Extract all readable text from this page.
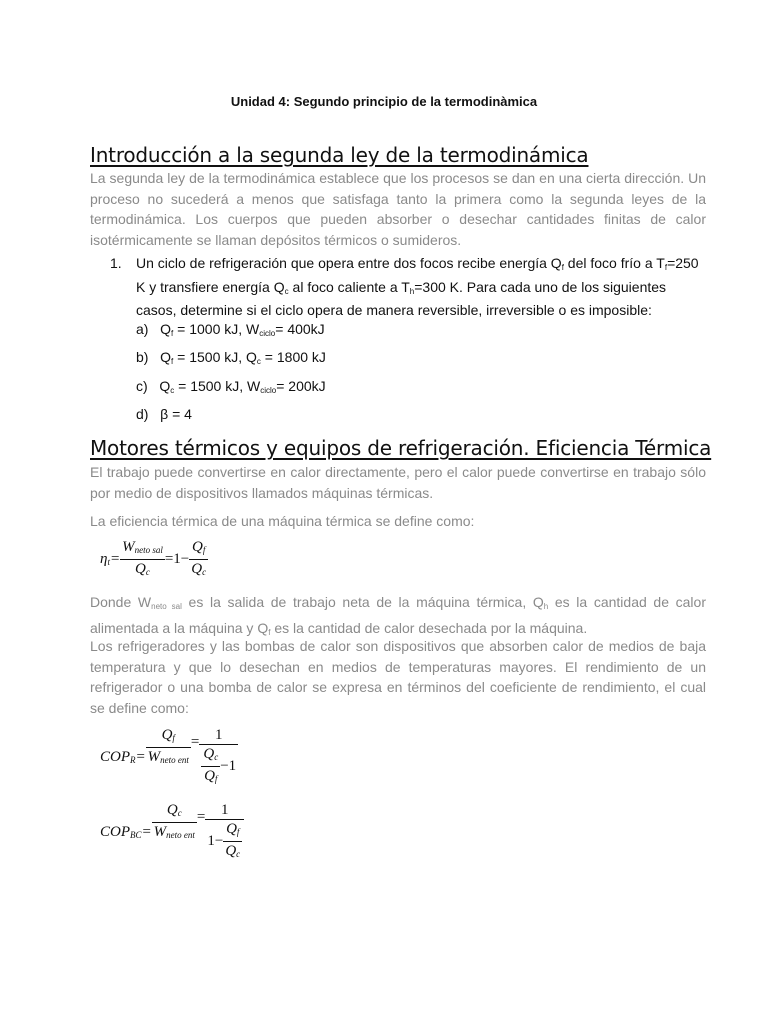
Unidad 4: Segundo principio de la termodinàmica
Introducción a la segunda ley de la termodinámica

La segunda ley de la termodinámica establece que los procesos se dan en una cierta dirección. Un proceso no sucederá a menos que satisfaga tanto la primera como la segunda leyes de la termodinámica. Los cuerpos que pueden absorber o desechar cantidades finitas de calor isotérmicamente se llaman depósitos térmicos o sumideros.

1. Un ciclo de refrigeración que opera entre dos focos recibe energía $Q_f$ del foco frío a $T_f=250$ K y transfiere energía $Q_c$ al foco caliente a $T_h=300$ K. Para cada uno de los siguientes casos, determine si el ciclo opera de manera reversible, irreversible o es imposible:
a) $Q_f = 1000$ kJ, $W_{ciclo}= 400kJ$
b) $Q_f = 1500$ kJ, $Q_c = 1800$ kJ
c) $Q_c = 1500$ kJ, $W_{ciclo}= 200kJ$
d) β = 4
Motores térmicos y equipos de refrigeración. Eficiencia Térmica

El trabajo puede convertirse en calor directamente, pero el calor puede convertirse en trabajo sólo por medio de dispositivos llamados máquinas térmicas.

La eficiencia térmica de una máquina térmica se define como:

$\eta_t= \frac{W_{neto sal}}{Q_c} =1- \frac{Q_f}{Q_c}$

Donde $W_{neto sal}$ es la salida de trabajo neta de la máquina térmica, $Q_h$ es la cantidad de calor alimentada a la máquina y $Q_f$ es la cantidad de calor desechada por la máquina.

Los refrigeradores y las bombas de calor son dispositivos que absorben calor de medios de baja temperatura y que lo desechan en medios de temperaturas mayores. El rendimiento de un refrigerador o una bomba de calor se expresa en términos del coeficiente de rendimiento, el cual se define como:

$COP_R= \frac{Q_f}{W_{neto ent}} = \frac{1}{\frac{Q_c}{Q_f} -1}$
$COP_{BC}= \frac{Q_c}{W_{neto ent}} = \frac{1}{1- \frac{Q_f}{Q_c}}$
